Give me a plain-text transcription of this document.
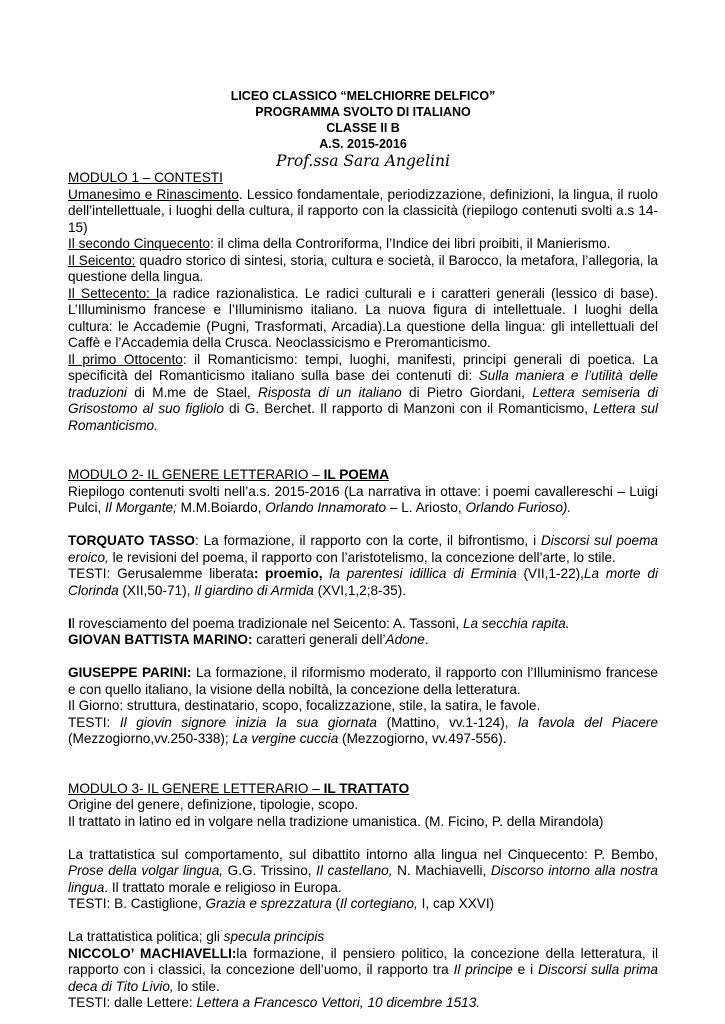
LICEO CLASSICO “MELCHIORRE DELFICO”
PROGRAMMA SVOLTO DI ITALIANO
CLASSE II B
A.S. 2015-2016
Prof.ssa Sara Angelini

MODULO 1 – CONTESTI

Umanesimo e Rinascimento. Lessico fondamentale, periodizzazione, definizioni, la lingua, il ruolo dell’intellettuale, i luoghi della cultura, il rapporto con la classicità (riepilogo contenuti svolti a.s 14-15)

Il secondo Cinquecento: il clima della Controriforma, l’Indice dei libri proibiti, il Manierismo.

Il Seicento: quadro storico di sintesi, storia, cultura e società, il Barocco, la metafora, l’allegoria, la questione della lingua.

Il Settecento: la radice razionalistica. Le radici culturali e i caratteri generali (lessico di base). L’Illuminismo francese e l’Illuminismo italiano. La nuova figura di intellettuale. I luoghi della cultura: le Accademie (Pugni, Trasformati, Arcadia).La questione della lingua: gli intellettuali del Caffè e l’Accademia della Crusca. Neoclassicismo e Preromanticismo.

Il primo Ottocento: il Romanticismo: tempi, luoghi, manifesti, principi generali di poetica. La specificità del Romanticismo italiano sulla base dei contenuti di: Sulla maniera e l’utilità delle traduzioni di M.me de Stael, Risposta di un italiano di Pietro Giordani, Lettera semiseria di Grisostomo al suo figliolo di G. Berchet. Il rapporto di Manzoni con il Romanticismo, Lettera sul Romanticismo.

MODULO 2- IL GENERE LETTERARIO – IL POEMA

Riepilogo contenuti svolti nell’a.s. 2015-2016 (La narrativa in ottave: i poemi cavallereschi – Luigi Pulci, Il Morgante; M.M.Boiardo, Orlando Innamorato – L. Ariosto, Orlando Furioso).

TORQUATO TASSO: La formazione, il rapporto con la corte, il bifrontismo, i Discorsi sul poema eroico, le revisioni del poema, il rapporto con l’aristotelismo, la concezione dell’arte, lo stile.

TESTI: Gerusalemme liberata: proemio, la parentesi idillica di Erminia (VII,1-22),La morte di Clorinda (XII,50-71), Il giardino di Armida (XVI,1,2;8-35).

Il rovesciamento del poema tradizionale nel Seicento: A. Tassoni, La secchia rapita.

GIOVAN BATTISTA MARINO: caratteri generali dell’Adone.

GIUSEPPE PARINI: La formazione, il riformismo moderato, il rapporto con l’Illuminismo francese e con quello italiano, la visione della nobiltà, la concezione della letteratura.

Il Giorno: struttura, destinatario, scopo, focalizzazione, stile, la satira, le favole.

TESTI: Il giovin signore inizia la sua giornata (Mattino, vv.1-124), la favola del Piacere (Mezzogiorno,vv.250-338); La vergine cuccia (Mezzogiorno, vv.497-556).

MODULO 3- IL GENERE LETTERARIO – IL TRATTATO

Origine del genere, definizione, tipologie, scopo.

Il trattato in latino ed in volgare nella tradizione umanistica. (M. Ficino, P. della Mirandola)

La trattatistica sul comportamento, sul dibattito intorno alla lingua nel Cinquecento: P. Bembo, Prose della volgar lingua, G.G. Trissino, Il castellano, N. Machiavelli, Discorso intorno alla nostra lingua. Il trattato morale e religioso in Europa.

TESTI: B. Castiglione, Grazia e sprezzatura (Il cortegiano, I, cap XXVI)

La trattatistica politica; gli specula principis

NICCOLO’ MACHIAVELLI:la formazione, il pensiero politico, la concezione della letteratura, il rapporto con i classici, la concezione dell’uomo, il rapporto tra Il principe e i Discorsi sulla prima deca di Tito Livio, lo stile.

TESTI: dalle Lettere: Lettera a Francesco Vettori, 10 dicembre 1513.
